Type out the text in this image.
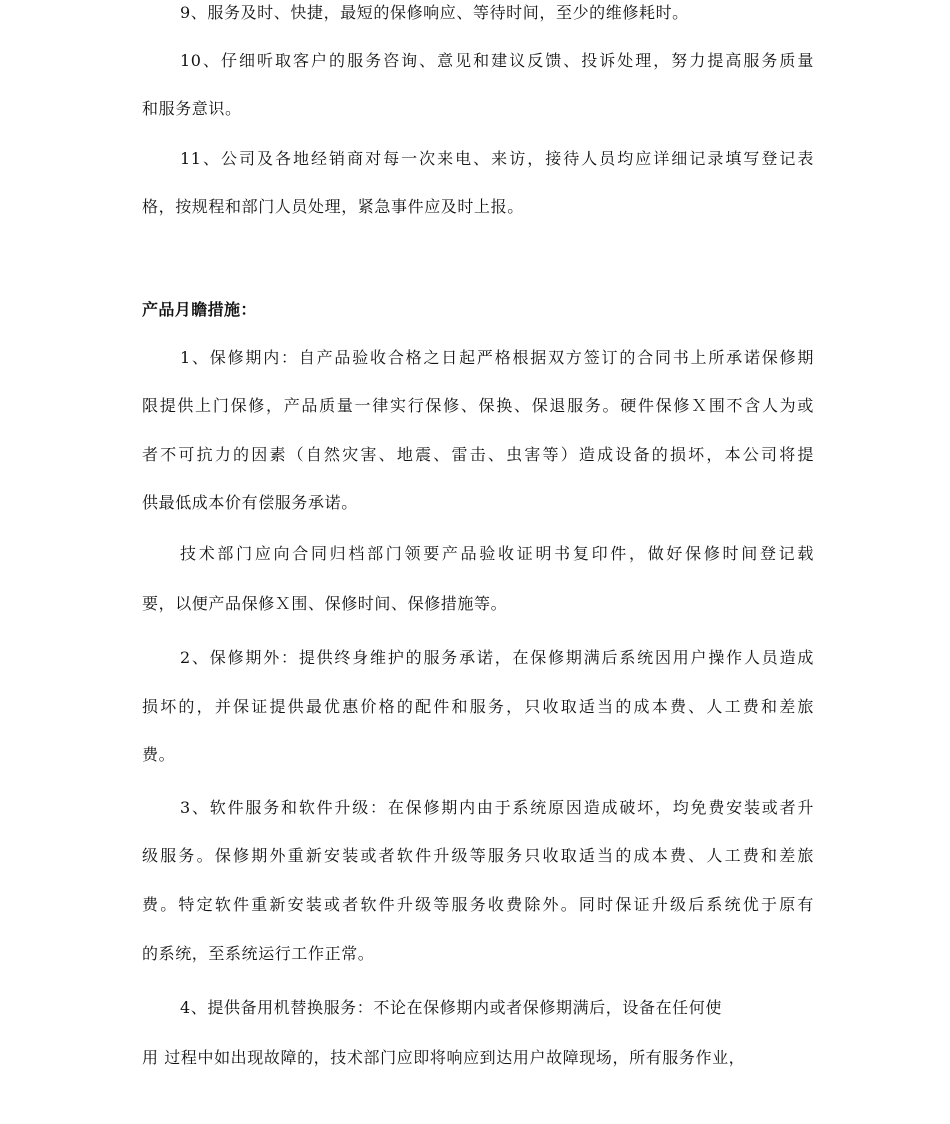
9、服务及时、快捷，最短的保修响应、等待时间，至少的维修耗时。
10、仔细听取客户的服务咨询、意见和建议反馈、投诉处理，努力提高服务质量
和服务意识。
11、公司及各地经销商对每一次来电、来访，接待人员均应详细记录填写登记表
格，按规程和部门人员处理，紧急事件应及时上报。
产品月瞻措施：
1、保修期内：自产品验收合格之日起严格根据双方签订的合同书上所承诺保修期
限提供上门保修，产品质量一律实行保修、保换、保退服务。硬件保修Ｘ围不含人为或
者不可抗力的因素（自然灾害、地震、雷击、虫害等）造成设备的损坏，本公司将提
供最低成本价有偿服务承诺。
技术部门应向合同归档部门领要产品验收证明书复印件，做好保修时间登记载
要，以便产品保修Ｘ围、保修时间、保修措施等。
2、保修期外：提供终身维护的服务承诺，在保修期满后系统因用户操作人员造成
损坏的，并保证提供最优惠价格的配件和服务，只收取适当的成本费、人工费和差旅
费。
3、软件服务和软件升级：在保修期内由于系统原因造成破坏，均免费安装或者升
级服务。保修期外重新安装或者软件升级等服务只收取适当的成本费、人工费和差旅
费。特定软件重新安装或者软件升级等服务收费除外。同时保证升级后系统优于原有
的系统，至系统运行工作正常。
4、提供备用机替换服务：不论在保修期内或者保修期满后，设备在任何使
用 过程中如出现故障的，技术部门应即将响应到达用户故障现场，所有服务作业，
